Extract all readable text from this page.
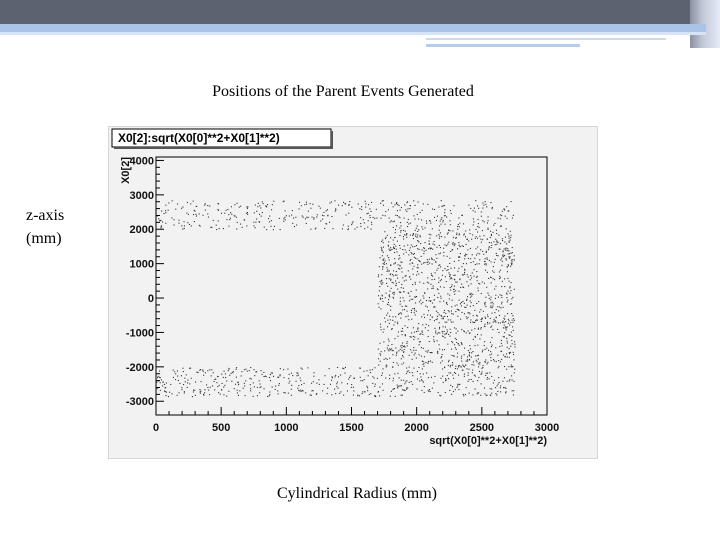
Positions of the Parent Events Generated
z-axis
(mm)
X0[2]:sqrt(X0[0]**2+X0[1]**2)
0	500	1000	1500	2000	2500	3000
-3000
-2000
-1000
0
1000
2000
3000
4000
sqrt(X0[0]**2+X0[1]**2)
X0[2]
Cylindrical Radius (mm)
